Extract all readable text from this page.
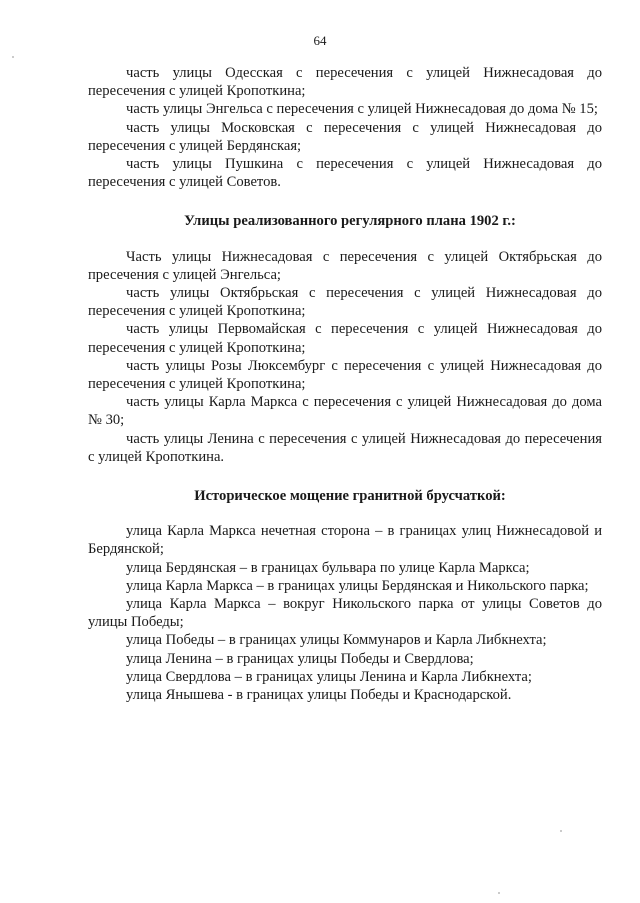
64

часть улицы Одесская с пересечения с улицей Нижнесадовая до пересечения с улицей Кропоткина;

часть улицы Энгельса с пересечения с улицей Нижнесадовая до дома № 15;

часть улицы Московская с пересечения с улицей Нижнесадовая до пересечения с улицей Бердянская;

часть улицы Пушкина с пересечения с улицей Нижнесадовая до пересечения с улицей Советов.

Улицы реализованного регулярного плана 1902 г.:

Часть улицы Нижнесадовая с пересечения с улицей Октябрьская до пресечения с улицей Энгельса;

часть улицы Октябрьская с пересечения с улицей Нижнесадовая до пересечения с улицей Кропоткина;

часть улицы Первомайская с пересечения с улицей Нижнесадовая до пересечения с улицей Кропоткина;

часть улицы Розы Люксембург с пересечения с улицей Нижнесадовая до пересечения с улицей Кропоткина;

часть улицы Карла Маркса с пересечения с улицей Нижнесадовая до дома № 30;

часть улицы Ленина с пересечения с улицей Нижнесадовая до пересечения с улицей Кропоткина.

Историческое мощение гранитной брусчаткой:

улица Карла Маркса нечетная сторона – в границах улиц Нижнесадовой и Бердянской;

улица Бердянская – в границах бульвара по улице Карла Маркса;

улица Карла Маркса – в границах улицы Бердянская и Никольского парка;

улица Карла Маркса – вокруг Никольского парка от улицы Советов до улицы Победы;

улица Победы – в границах улицы Коммунаров и Карла Либкнехта;

улица Ленина – в границах улицы Победы и Свердлова;

улица Свердлова – в границах улицы Ленина и Карла Либкнехта;

улица Янышева - в границах улицы Победы и Краснодарской.
